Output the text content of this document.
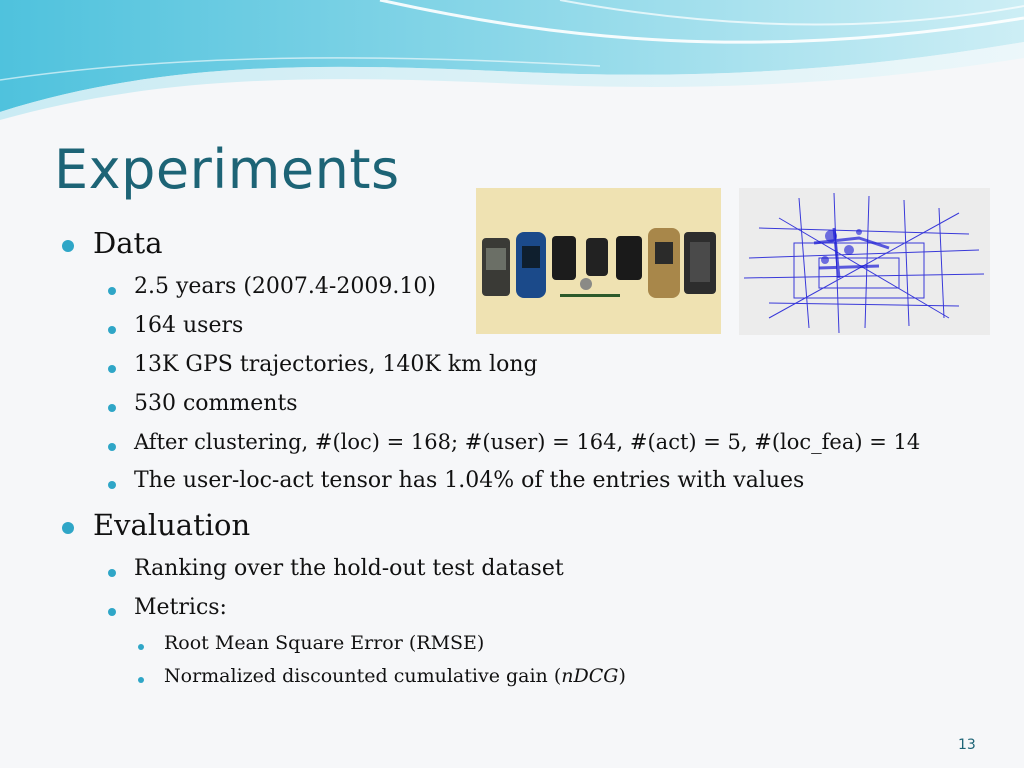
Experiments
Data
2.5 years (2007.4-2009.10)
164 users
13K GPS trajectories, 140K km long
530 comments
After clustering, #(loc) = 168; #(user) = 164, #(act) = 5, #(loc_fea) = 14
The user-loc-act tensor has 1.04% of the entries with values
Evaluation
Ranking over the hold-out test dataset
Metrics:
Root Mean Square Error (RMSE)
Normalized discounted cumulative gain (nDCG)
13
